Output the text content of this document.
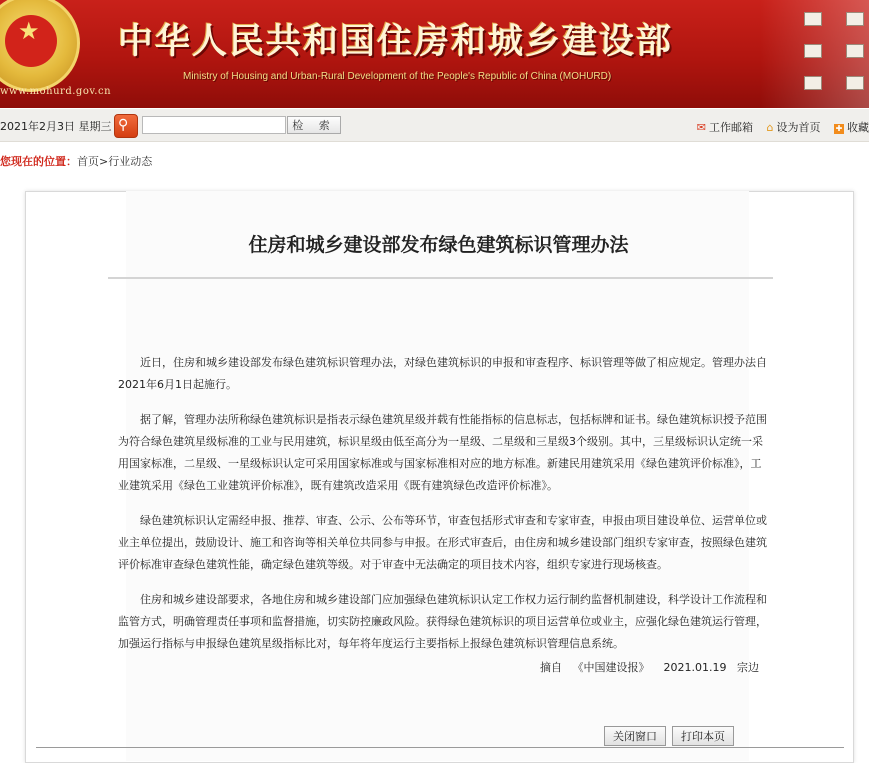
★
www.mohurd.gov.cn
中华人民共和国住房和城乡建设部
Ministry of Housing and Urban-Rural Development of the People's Republic of China (MOHURD)
2021年2月3日 星期三 ⚲	检 索	✉ 工作邮箱 ⌂ 设为首页 ✚ 收藏
您现在的位置：首页>行业动态
住房和城乡建设部发布绿色建筑标识管理办法

近日，住房和城乡建设部发布绿色建筑标识管理办法，对绿色建筑标识的申报和审查程序、标识管理等做了相应规定。管理办法自2021年6月1日起施行。

据了解，管理办法所称绿色建筑标识是指表示绿色建筑星级并载有性能指标的信息标志，包括标牌和证书。绿色建筑标识授予范围为符合绿色建筑星级标准的工业与民用建筑，标识星级由低至高分为一星级、二星级和三星级3个级别。其中，三星级标识认定统一采用国家标准，二星级、一星级标识认定可采用国家标准或与国家标准相对应的地方标准。新建民用建筑采用《绿色建筑评价标准》，工业建筑采用《绿色工业建筑评价标准》，既有建筑改造采用《既有建筑绿色改造评价标准》。

绿色建筑标识认定需经申报、推荐、审查、公示、公布等环节，审查包括形式审查和专家审查，申报由项目建设单位、运营单位或业主单位提出，鼓励设计、施工和咨询等相关单位共同参与申报。在形式审查后，由住房和城乡建设部门组织专家审查，按照绿色建筑评价标准审查绿色建筑性能，确定绿色建筑等级。对于审查中无法确定的项目技术内容，组织专家进行现场核查。

住房和城乡建设部要求，各地住房和城乡建设部门应加强绿色建筑标识认定工作权力运行制约监督机制建设，科学设计工作流程和监管方式，明确管理责任事项和监督措施，切实防控廉政风险。获得绿色建筑标识的项目运营单位或业主，应强化绿色建筑运行管理，加强运行指标与申报绿色建筑星级指标比对，每年将年度运行主要指标上报绿色建筑标识管理信息系统。

摘自 《中国建设报》 2021.01.19 宗边
关闭窗口	打印本页
